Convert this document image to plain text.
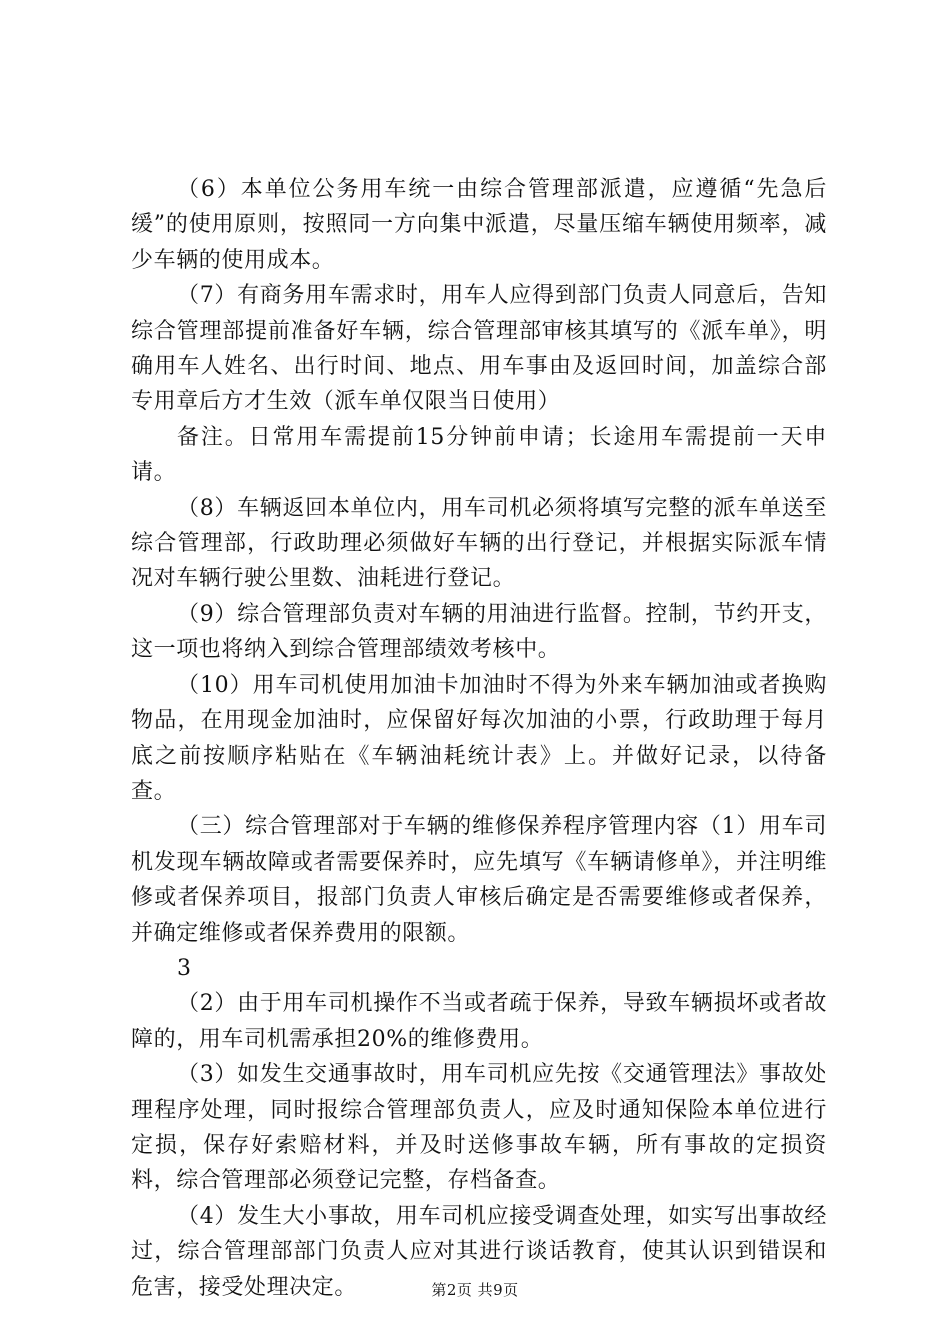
（6）本单位公务用车统一由综合管理部派遣，应遵循“先急后缓”的使用原则，按照同一方向集中派遣，尽量压缩车辆使用频率，减少车辆的使用成本。

（7）有商务用车需求时，用车人应得到部门负责人同意后，告知综合管理部提前准备好车辆，综合管理部审核其填写的《派车单》，明确用车人姓名、出行时间、地点、用车事由及返回时间，加盖综合部专用章后方才生效（派车单仅限当日使用）

备注。日常用车需提前15分钟前申请；长途用车需提前一天申请。

（8）车辆返回本单位内，用车司机必须将填写完整的派车单送至综合管理部，行政助理必须做好车辆的出行登记，并根据实际派车情况对车辆行驶公里数、油耗进行登记。

（9）综合管理部负责对车辆的用油进行监督。控制，节约开支，这一项也将纳入到综合管理部绩效考核中。

（10）用车司机使用加油卡加油时不得为外来车辆加油或者换购物品，在用现金加油时，应保留好每次加油的小票，行政助理于每月底之前按顺序粘贴在《车辆油耗统计表》上。并做好记录，以待备查。

（三）综合管理部对于车辆的维修保养程序管理内容（1）用车司机发现车辆故障或者需要保养时，应先填写《车辆请修单》，并注明维修或者保养项目，报部门负责人审核后确定是否需要维修或者保养，并确定维修或者保养费用的限额。

3

（2）由于用车司机操作不当或者疏于保养，导致车辆损坏或者故障的，用车司机需承担20%的维修费用。

（3）如发生交通事故时，用车司机应先按《交通管理法》事故处理程序处理，同时报综合管理部负责人，应及时通知保险本单位进行定损，保存好索赔材料，并及时送修事故车辆，所有事故的定损资料，综合管理部必须登记完整，存档备查。

（4）发生大小事故，用车司机应接受调查处理，如实写出事故经过，综合管理部部门负责人应对其进行谈话教育，使其认识到错误和危害，接受处理决定。	第2页 共9页
